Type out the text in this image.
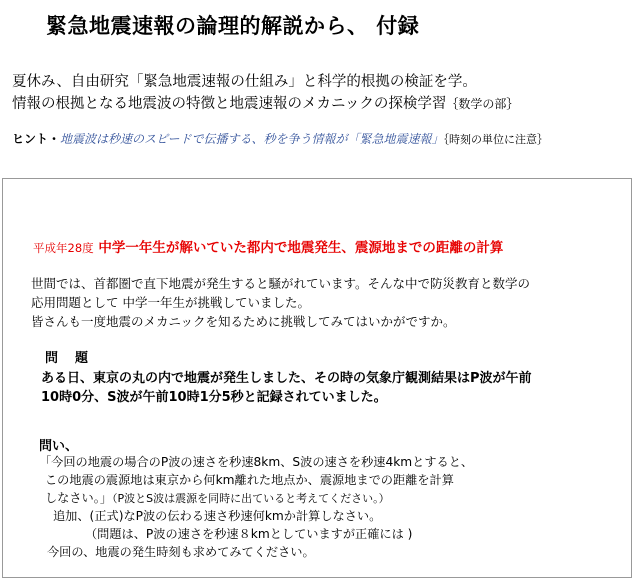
緊急地震速報の論理的解説から、 付録
夏休み、自由研究「緊急地震速報の仕組み」と科学的根拠の検証を学。
情報の根拠となる地震波の特徴と地震速報のメカニックの探検学習｛数学の部｝
ヒント・地震波は秒速のスピードで伝播する、秒を争う情報が「緊急地震速報」｛時刻の単位に注意｝
平成年28度 中学一年生が解いていた都内で地震発生、震源地までの距離の計算
世間では、首都圏で直下地震が発生すると騒がれています。そんな中で防災教育と数学の
応用問題として 中学一年生が挑戦していました。
皆さんも一度地震のメカニックを知るために挑戦してみてはいかがですか。
問　題
ある日、東京の丸の内で地震が発生しました、その時の気象庁観測結果はP波が午前
10時0分、S波が午前10時1分5秒と記録されていました。
問い、
「今回の地震の場合のP波の速さを秒速8km、S波の速さを秒速4kmとすると、
この地震の震源地は東京から何km離れた地点か、震源地までの距離を計算
しなさい。」（P波とS波は震源を同時に出ていると考えてください。）
追加、(正式)なP波の伝わる速さ秒速何kmか計算しなさい。
（問題は、P波の速さを秒速８kmとしていますが正確には )
今回の、地震の発生時刻も求めてみてください。
